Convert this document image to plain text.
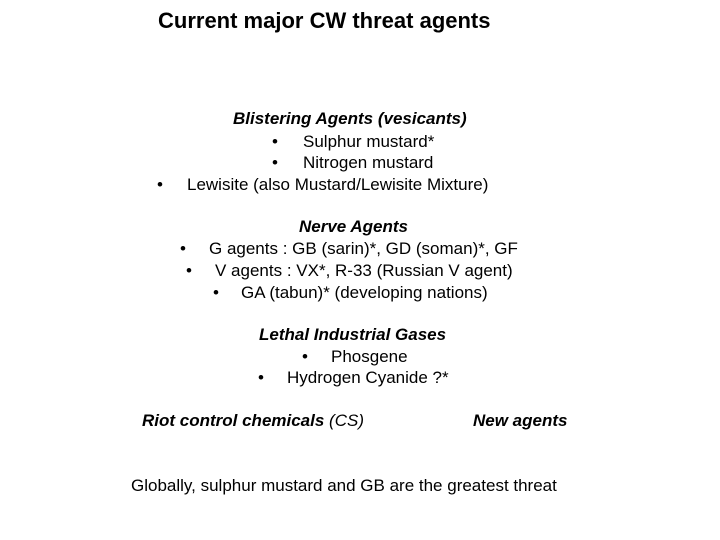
Current major CW threat agents
Blistering Agents (vesicants)
• Sulphur mustard*
• Nitrogen mustard
• Lewisite (also Mustard/Lewisite Mixture)
Nerve Agents
• G agents : GB (sarin)*, GD (soman)*, GF
• V agents : VX*, R-33 (Russian V agent)
• GA (tabun)* (developing nations)
Lethal Industrial Gases
• Phosgene
• Hydrogen Cyanide ?*
Riot control chemicals (CS)	New agents
Globally, sulphur mustard and GB are the greatest threat
